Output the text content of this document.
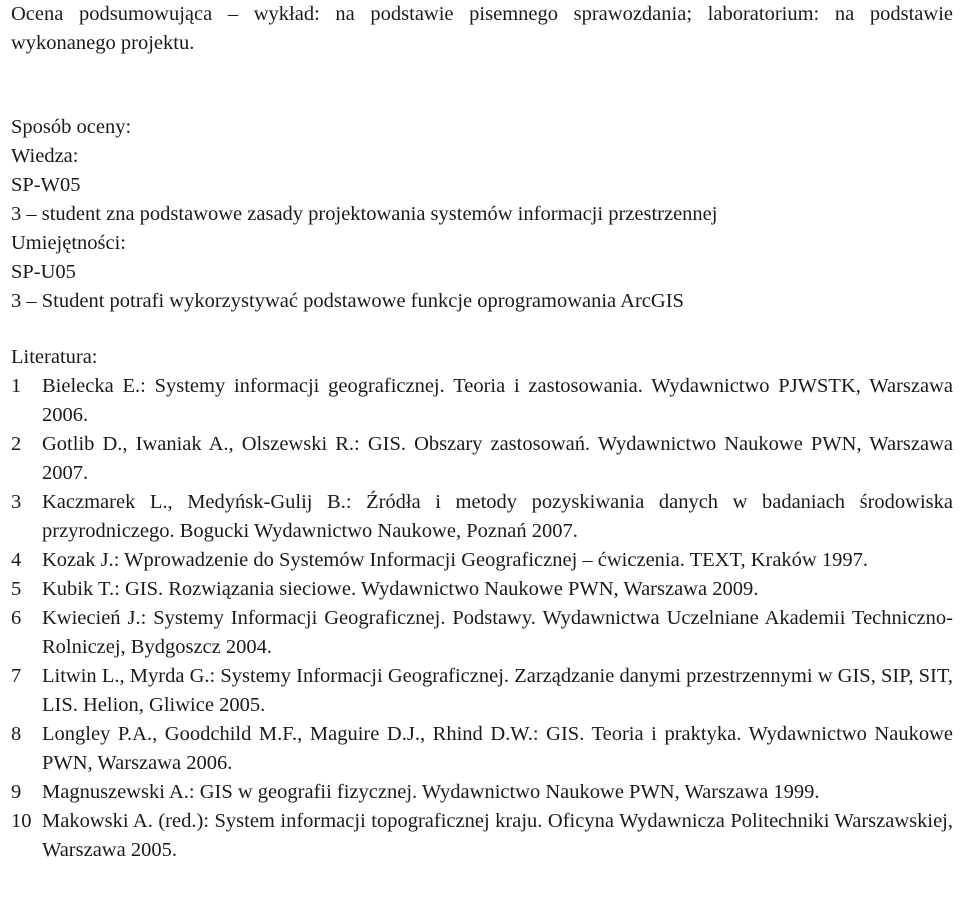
Ocena podsumowująca – wykład: na podstawie pisemnego sprawozdania; laboratorium: na podstawie wykonanego projektu.

Sposób oceny:
Wiedza:
SP-W05
3 – student zna podstawowe zasady projektowania systemów informacji przestrzennej
Umiejętności:
SP-U05
3 – Student potrafi wykorzystywać podstawowe funkcje oprogramowania ArcGIS
Literatura:
1	Bielecka E.: Systemy informacji geograficznej. Teoria i zastosowania. Wydawnictwo PJWSTK, Warszawa 2006.
2	Gotlib D., Iwaniak A., Olszewski R.: GIS. Obszary zastosowań. Wydawnictwo Naukowe PWN, Warszawa 2007.
3	Kaczmarek L., Medyńsk-Gulij B.: Źródła i metody pozyskiwania danych w badaniach środowiska przyrodniczego. Bogucki Wydawnictwo Naukowe, Poznań 2007.
4	Kozak J.: Wprowadzenie do Systemów Informacji Geograficznej – ćwiczenia. TEXT, Kraków 1997.
5	Kubik T.: GIS. Rozwiązania sieciowe. Wydawnictwo Naukowe PWN, Warszawa 2009.
6	Kwiecień J.: Systemy Informacji Geograficznej. Podstawy. Wydawnictwa Uczelniane Akademii Techniczno-Rolniczej, Bydgoszcz 2004.
7	Litwin L., Myrda G.: Systemy Informacji Geograficznej. Zarządzanie danymi przestrzennymi w GIS, SIP, SIT, LIS. Helion, Gliwice 2005.
8	Longley P.A., Goodchild M.F., Maguire D.J., Rhind D.W.: GIS. Teoria i praktyka. Wydawnictwo Naukowe PWN, Warszawa 2006.
9	Magnuszewski A.: GIS w geografii fizycznej. Wydawnictwo Naukowe PWN, Warszawa 1999.
10 Makowski A. (red.): System informacji topograficznej kraju. Oficyna Wydawnicza Politechniki Warszawskiej, Warszawa 2005.
